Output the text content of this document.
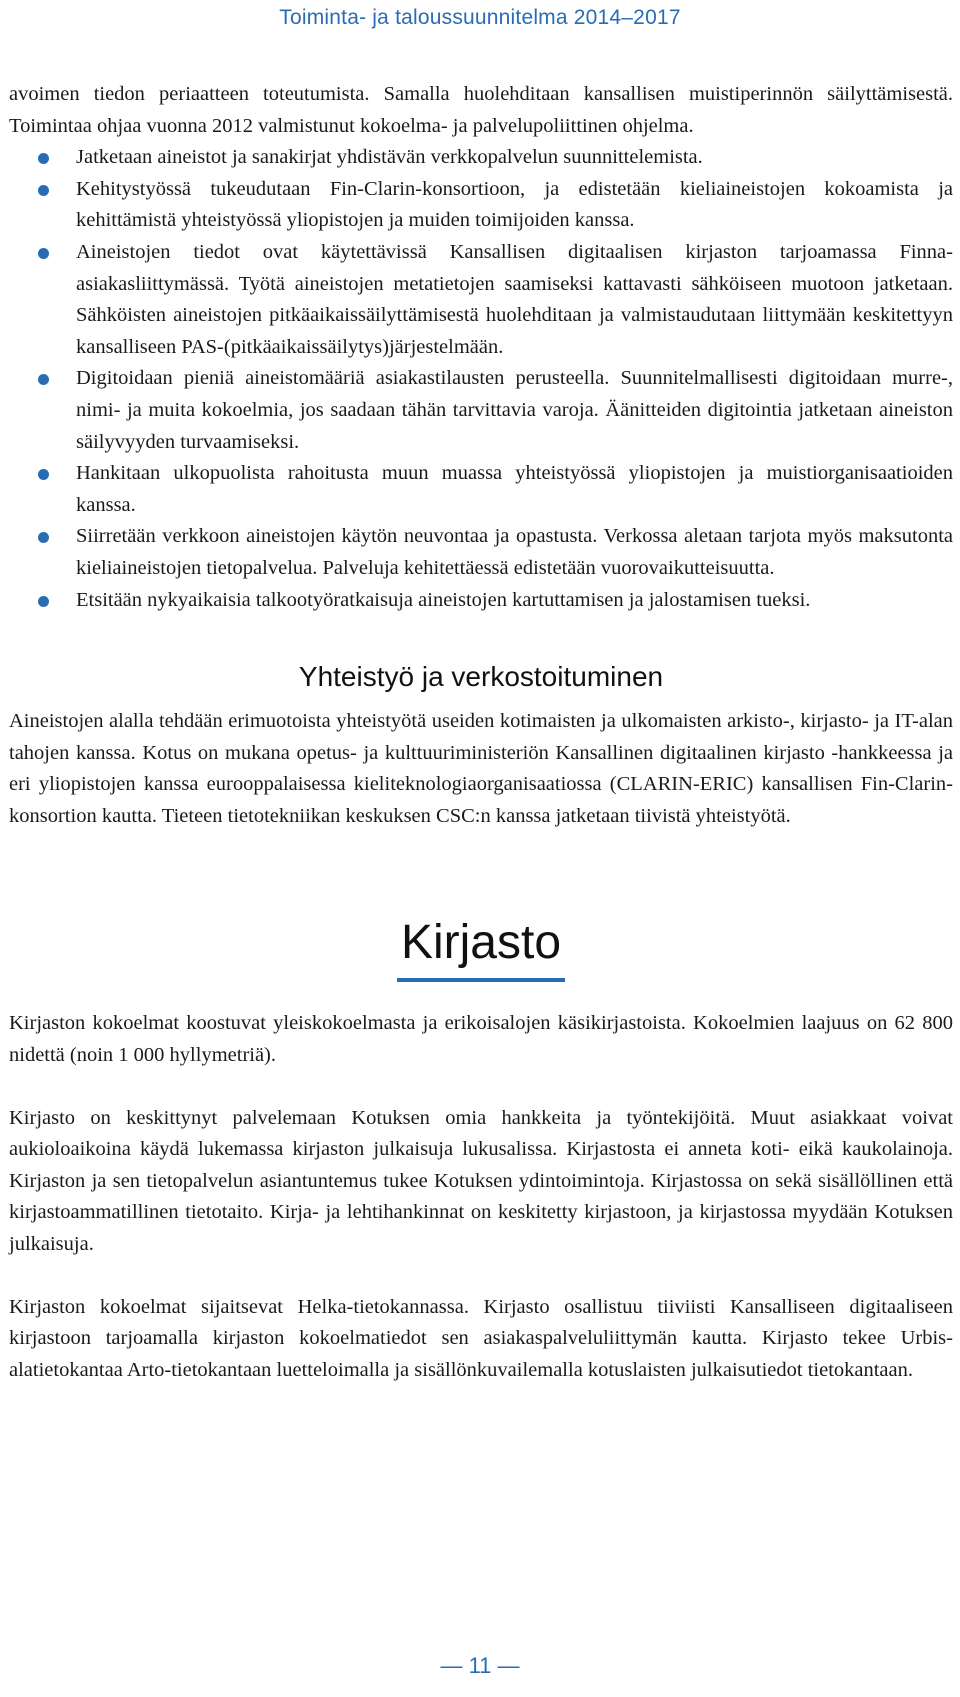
Toiminta- ja taloussuunnitelma 2014–2017

avoimen tiedon periaatteen toteutumista. Samalla huolehditaan kansallisen muistiperinnön säilyttämisestä. Toimintaa ohjaa vuonna 2012 valmistunut kokoelma- ja palvelupoliittinen ohjelma.

Jatketaan aineistot ja sanakirjat yhdistävän verkkopalvelun suunnittelemista.
Kehitystyössä tukeudutaan Fin-Clarin-konsortioon, ja edistetään kieliaineistojen kokoamista ja kehittämistä yhteistyössä yliopistojen ja muiden toimijoiden kanssa.
Aineistojen tiedot ovat käytettävissä Kansallisen digitaalisen kirjaston tarjoamassa Finna-asiakasliittymässä. Työtä aineistojen metatietojen saamiseksi kattavasti sähköiseen muotoon jatketaan. Sähköisten aineistojen pitkäaikaissäilyttämisestä huolehditaan ja valmistaudutaan liittymään keskitettyyn kansalliseen PAS-(pitkäaikaissäilytys)järjestelmään.
Digitoidaan pieniä aineistomääriä asiakastilausten perusteella. Suunnitelmallisesti digitoidaan murre-, nimi- ja muita kokoelmia, jos saadaan tähän tarvittavia varoja. Äänitteiden digitointia jatketaan aineiston säilyvyyden turvaamiseksi.
Hankitaan ulkopuolista rahoitusta muun muassa yhteistyössä yliopistojen ja muistiorganisaatioiden kanssa.
Siirretään verkkoon aineistojen käytön neuvontaa ja opastusta. Verkossa aletaan tarjota myös maksutonta kieliaineistojen tietopalvelua. Palveluja kehitettäessä edistetään vuorovaikutteisuutta.
Etsitään nykyaikaisia talkootyöratkaisuja aineistojen kartuttamisen ja jalostamisen tueksi.
Yhteistyö ja verkostoituminen

Aineistojen alalla tehdään erimuotoista yhteistyötä useiden kotimaisten ja ulkomaisten arkisto-, kirjasto- ja IT-alan tahojen kanssa. Kotus on mukana opetus- ja kulttuuriministeriön Kansallinen digitaalinen kirjasto -hankkeessa ja eri yliopistojen kanssa eurooppalaisessa kieliteknologiaorganisaatiossa (CLARIN-ERIC) kansallisen Fin-Clarin-konsortion kautta. Tieteen tietotekniikan keskuksen CSC:n kanssa jatketaan tiivistä yhteistyötä.

Kirjasto

Kirjaston kokoelmat koostuvat yleiskokoelmasta ja erikoisalojen käsikirjastoista. Kokoelmien laajuus on 62 800 nidettä (noin 1 000 hyllymetriä).

Kirjasto on keskittynyt palvelemaan Kotuksen omia hankkeita ja työntekijöitä. Muut asiakkaat voivat aukioloaikoina käydä lukemassa kirjaston julkaisuja lukusalissa. Kirjastosta ei anneta koti- eikä kaukolainoja. Kirjaston ja sen tietopalvelun asiantuntemus tukee Kotuksen ydintoimintoja. Kirjastossa on sekä sisällöllinen että kirjastoammatillinen tietotaito. Kirja- ja lehtihankinnat on keskitetty kirjastoon, ja kirjastossa myydään Kotuksen julkaisuja.

Kirjaston kokoelmat sijaitsevat Helka-tietokannassa. Kirjasto osallistuu tiiviisti Kansalliseen digitaaliseen kirjastoon tarjoamalla kirjaston kokoelmatiedot sen asiakaspalveluliittymän kautta. Kirjasto tekee Urbis-alatietokantaa Arto-tietokantaan luetteloimalla ja sisällönkuvailemalla kotuslaisten julkaisutiedot tietokantaan.

— 11 —
